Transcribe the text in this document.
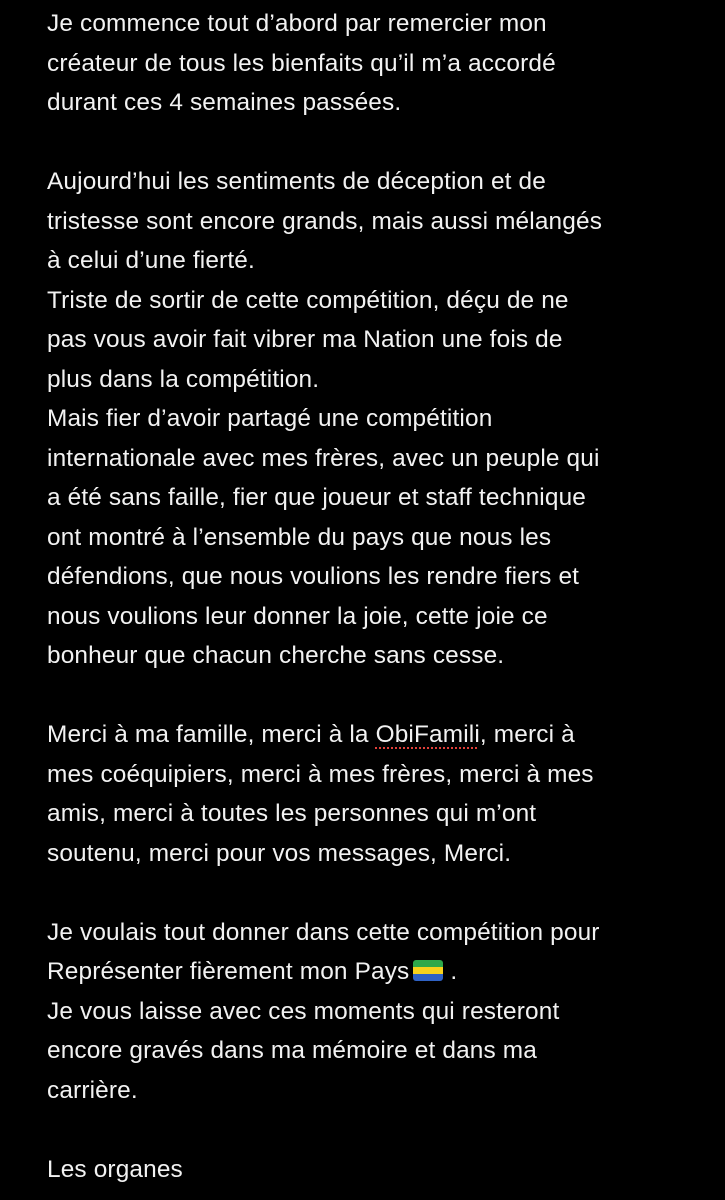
Je commence tout d’abord par remercier mon
créateur de tous les bienfaits qu’il m’a accordé
durant ces 4 semaines passées.
Aujourd’hui les sentiments de déception et de
tristesse sont encore grands, mais aussi mélangés
à celui d’une fierté.
Triste de sortir de cette compétition, déçu de ne
pas vous avoir fait vibrer ma Nation une fois de
plus dans la compétition.
Mais fier d’avoir partagé une compétition
internationale avec mes frères, avec un peuple qui
a été sans faille, fier que joueur et staff technique
ont montré à l’ensemble du pays que nous les
défendions, que nous voulions les rendre fiers et
nous voulions leur donner la joie, cette joie ce
bonheur que chacun cherche sans cesse.
Merci à ma famille, merci à la ObiFamili, merci à
mes coéquipiers, merci à mes frères, merci à mes
amis, merci à toutes les personnes qui m’ont
soutenu, merci pour vos messages, Merci.
Je voulais tout donner dans cette compétition pour
Représenter fièrement mon Pays
.
Je vous laisse avec ces moments qui resteront
encore gravés dans ma mémoire et dans ma
carrière.
Les organes
